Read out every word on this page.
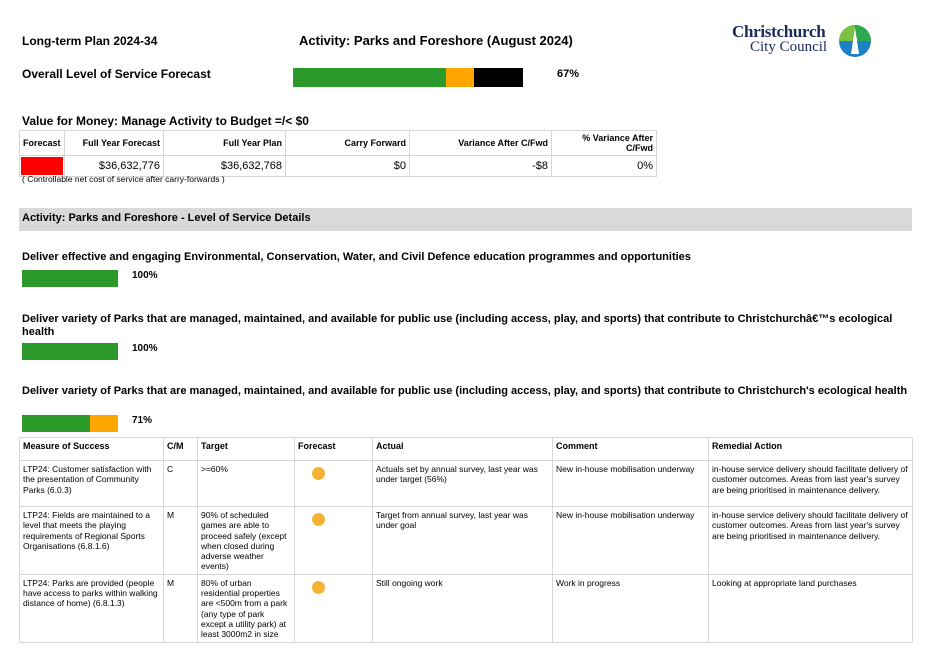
Long-term Plan 2024-34	Activity: Parks and Foreshore (August 2024)	Christchurch
City Council
Overall Level of Service Forecast	67%
Value for Money: Manage Activity to Budget =/< $0
Forecast	Full Year Forecast	Full Year Plan	Carry Forward	Variance After C/Fwd	% Variance After C/Fwd

	$36,632,776	$36,632,768	$0	-$8	0%
( Controllable net cost of service after carry-forwards )
Activity: Parks and Foreshore - Level of Service Details
Deliver effective and engaging Environmental, Conservation, Water, and Civil Defence education programmes and opportunities
100%
Deliver variety of Parks that are managed, maintained, and available for public use (including access, play, and sports) that contribute to Christchurchâ€™s ecological health
100%
Deliver variety of Parks that are managed, maintained, and available for public use (including access, play, and sports) that contribute to Christchurch's ecological health
71%
Measure of Success	C/M	Target	Forecast	Actual	Comment	Remedial Action
LTP24: Customer satisfaction with the presentation of Community Parks (6.0.3)	C	>=60%		Actuals set by annual survey, last year was under target (56%)	New in-house mobilisation underway	in-house service delivery should facilitate delivery of customer outcomes. Areas from last year's survey are being prioritised in maintenance delivery.
LTP24: Fields are maintained to a level that meets the playing requirements of Regional Sports Organisations (6.8.1.6)	M	90% of scheduled games are able to proceed safely (except when closed during adverse weather events)		Target from annual survey, last year was under goal	New in-house mobilisation underway	in-house service delivery should facilitate delivery of customer outcomes. Areas from last year's survey are being prioritised in maintenance delivery.
LTP24: Parks are provided (people have access to parks within walking distance of home) (6.8.1.3)	M	80% of urban residential properties are <500m from a park (any type of park except a utility park) at least 3000m2 in size		Still ongoing work	Work in progress	Looking at appropriate land purchases
